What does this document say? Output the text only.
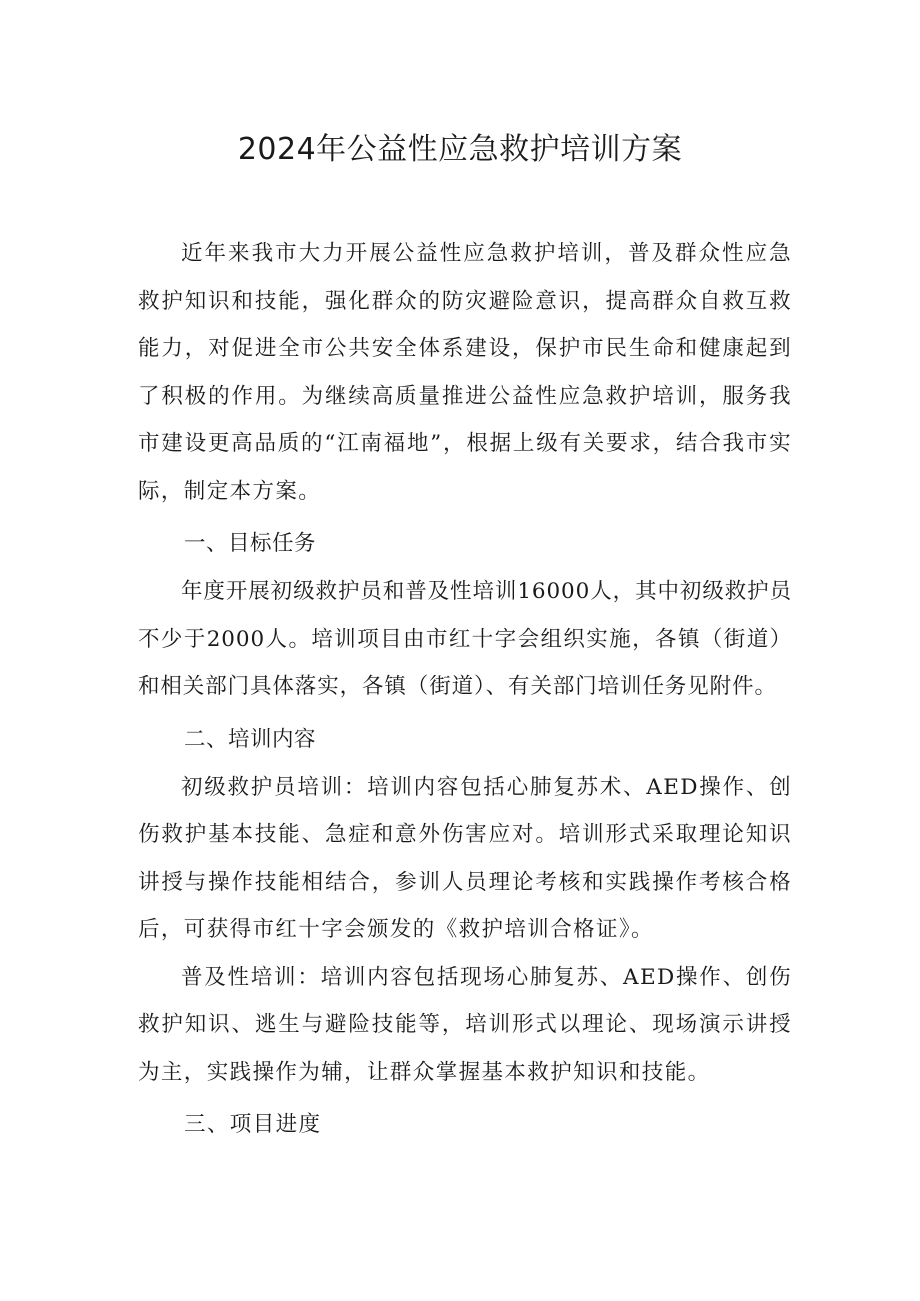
2024年公益性应急救护培训方案

近年来我市大力开展公益性应急救护培训，普及群众性应急救护知识和技能，强化群众的防灾避险意识，提高群众自救互救能力，对促进全市公共安全体系建设，保护市民生命和健康起到了积极的作用。为继续高质量推进公益性应急救护培训，服务我市建设更高品质的“江南福地”，根据上级有关要求，结合我市实际，制定本方案。

一、目标任务

年度开展初级救护员和普及性培训16000人，其中初级救护员不少于2000人。培训项目由市红十字会组织实施，各镇（街道）和相关部门具体落实，各镇（街道）、有关部门培训任务见附件。

二、培训内容

初级救护员培训：培训内容包括心肺复苏术、AED操作、创伤救护基本技能、急症和意外伤害应对。培训形式采取理论知识讲授与操作技能相结合，参训人员理论考核和实践操作考核合格后，可获得市红十字会颁发的《救护培训合格证》。

普及性培训：培训内容包括现场心肺复苏、AED操作、创伤救护知识、逃生与避险技能等，培训形式以理论、现场演示讲授为主，实践操作为辅，让群众掌握基本救护知识和技能。

三、项目进度
